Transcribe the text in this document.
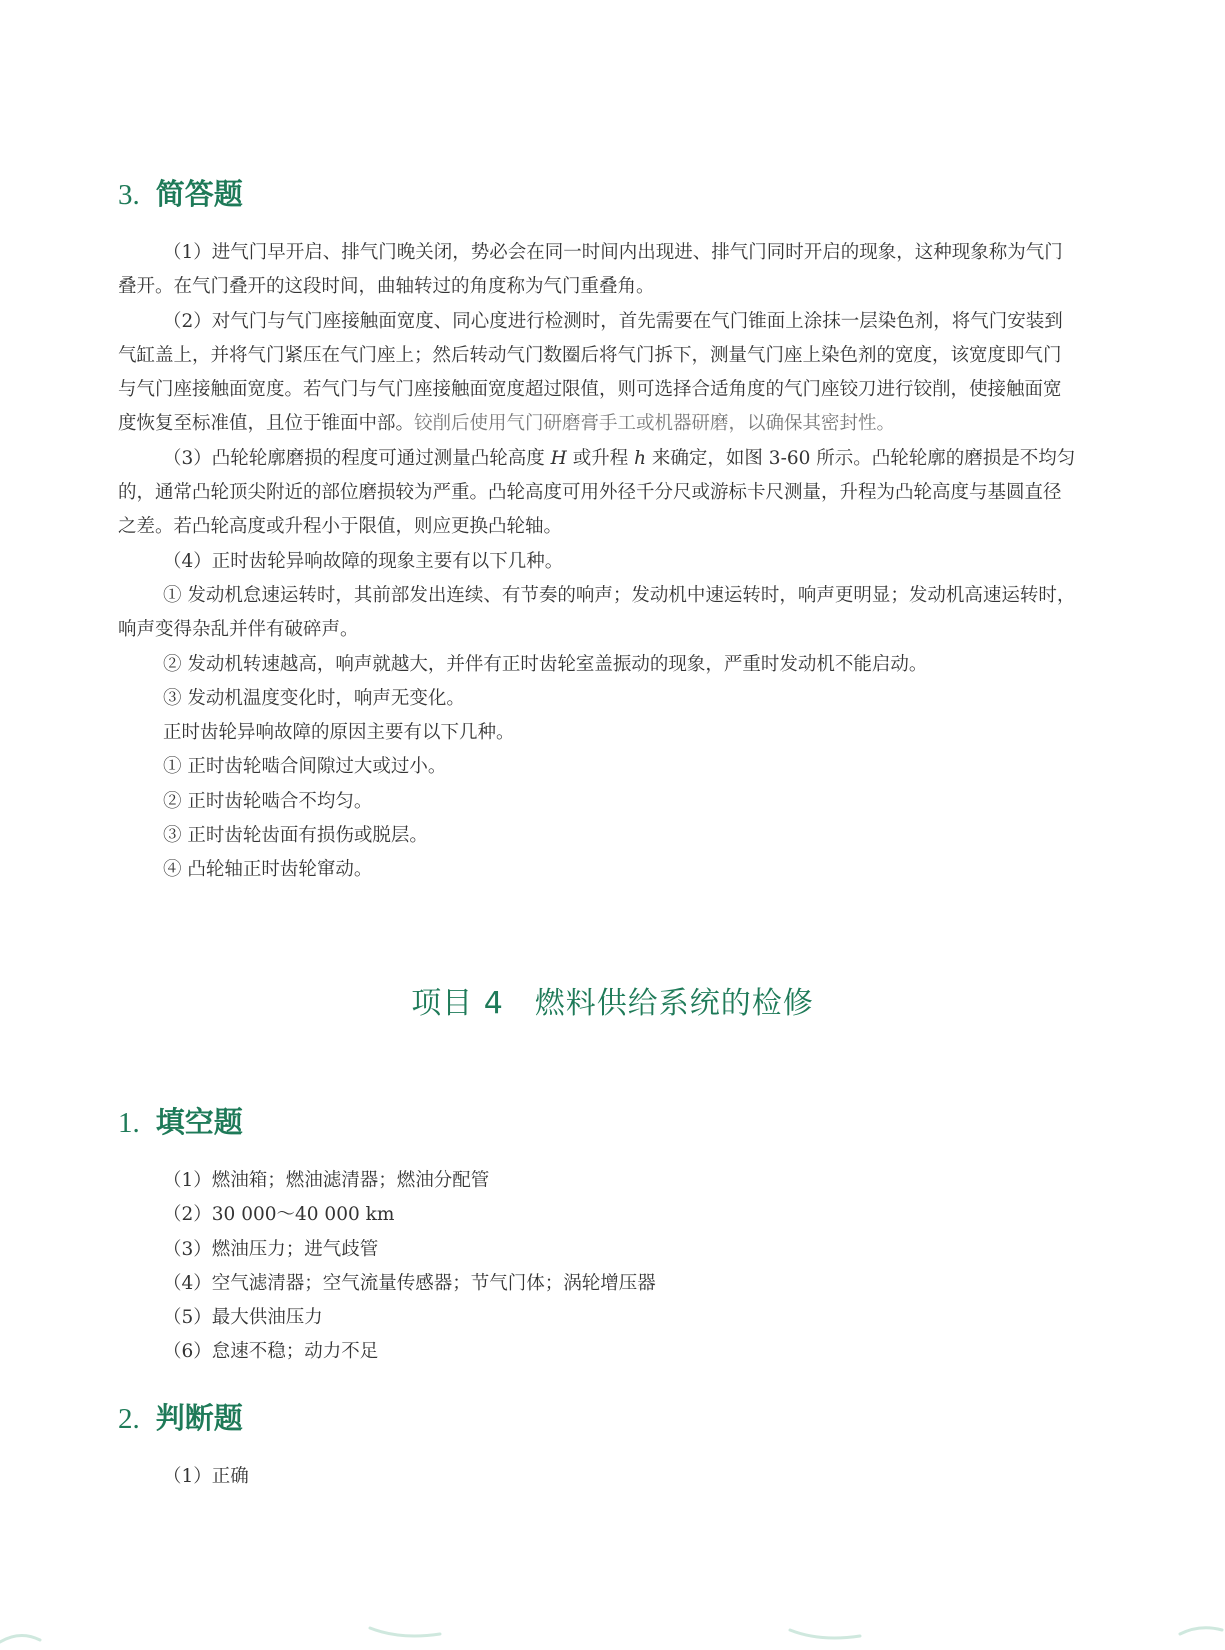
3. 简答题

（1）进气门早开启、排气门晚关闭，势必会在同一时间内出现进、排气门同时开启的现象，这种现象称为气门叠开。在气门叠开的这段时间，曲轴转过的角度称为气门重叠角。

（2）对气门与气门座接触面宽度、同心度进行检测时，首先需要在气门锥面上涂抹一层染色剂，将气门安装到气缸盖上，并将气门紧压在气门座上；然后转动气门数圈后将气门拆下，测量气门座上染色剂的宽度，该宽度即气门与气门座接触面宽度。若气门与气门座接触面宽度超过限值，则可选择合适角度的气门座铰刀进行铰削，使接触面宽度恢复至标准值，且位于锥面中部。铰削后使用气门研磨膏手工或机器研磨，以确保其密封性。

（3）凸轮轮廓磨损的程度可通过测量凸轮高度 H 或升程 h 来确定，如图 3-60 所示。凸轮轮廓的磨损是不均匀的，通常凸轮顶尖附近的部位磨损较为严重。凸轮高度可用外径千分尺或游标卡尺测量，升程为凸轮高度与基圆直径之差。若凸轮高度或升程小于限值，则应更换凸轮轴。

（4）正时齿轮异响故障的现象主要有以下几种。

① 发动机怠速运转时，其前部发出连续、有节奏的响声；发动机中速运转时，响声更明显；发动机高速运转时，响声变得杂乱并伴有破碎声。

② 发动机转速越高，响声就越大，并伴有正时齿轮室盖振动的现象，严重时发动机不能启动。

③ 发动机温度变化时，响声无变化。

正时齿轮异响故障的原因主要有以下几种。

① 正时齿轮啮合间隙过大或过小。

② 正时齿轮啮合不均匀。

③ 正时齿轮齿面有损伤或脱层。

④ 凸轮轴正时齿轮窜动。

项目 4　燃料供给系统的检修
1. 填空题

（1）燃油箱；燃油滤清器；燃油分配管

（2）30 000～40 000 km

（3）燃油压力；进气歧管

（4）空气滤清器；空气流量传感器；节气门体；涡轮增压器

（5）最大供油压力

（6）怠速不稳；动力不足

2. 判断题

（1）正确
